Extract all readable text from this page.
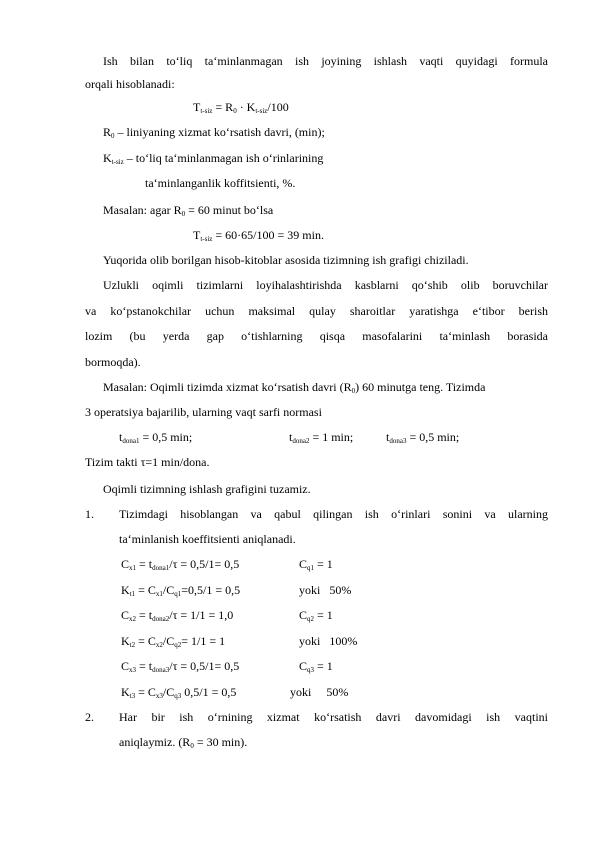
Ish bilan to‘liq ta‘minlanmagan ish joyining ishlash vaqti quyidagi formula
orqali hisoblanadi:
$T_{t-siz} = R_0 \cdot K_{t-siz}/100$
$R_0$ – liniyaning xizmat ko‘rsatish davri, (min);
$K_{t-siz}$ – to‘liq ta‘minlanmagan ish o‘rinlarining
ta‘minlanganlik koffitsienti, %.
Masalan: agar $R_0 = 60$ minut bo‘lsa
$T_{t-siz} = 60\cdot 65/100 = 39$ min.
Yuqorida olib borilgan hisob-kitoblar asosida tizimning ish grafigi chiziladi.
Uzlukli oqimli tizimlarni loyihalashtirishda kasblarni qo‘shib olib boruvchilar
va ko‘pstanokchilar uchun maksimal qulay sharoitlar yaratishga e‘tibor berish
lozim (bu yerda gap o‘tishlarning qisqa masofalarini ta‘minlash borasida
bormoqda).
Masalan: Oqimli tizimda xizmat ko‘rsatish davri $(R_0)$ 60 minutga teng. Tizimda
3 operatsiya bajarilib, ularning vaqt sarfi normasi
$t_{dona1} = 0,5$ min;	$t_{dona2} = 1$ min;	$t_{dona3} = 0,5$ min;
Tizim takti τ=1 min/dona.
Oqimli tizimning ishlash grafigini tuzamiz.
1. Tizimdagi hisoblangan va qabul qilingan ish o‘rinlari sonini va ularning
ta‘minlanish koeffitsienti aniqlanadi.
$C_{x1} = t_{dona1}/\tau = 0,5/1= 0,5$	$C_{q1} = 1$
$K_{t1} = C_{x1}/C_{q1}=0,5/1 = 0,5$	yoki   50%
$C_{x2} = t_{dona2}/\tau = 1/1 = 1,0$	$C_{q2} = 1$
$K_{t2} = C_{x2}/C_{q2}= 1/1 = 1$	yoki   100%
$C_{x3} = t_{dona3}/\tau = 0,5/1= 0,5$	$C_{q3} = 1$
$K_{t3} = C_{x3}/C_{q3}$ 0,5/1 = 0,5	yoki     50%
2. Har bir ish o‘rnining xizmat ko‘rsatish davri davomidagi ish vaqtini
aniqlaymiz. ($R_0 = 30$ min).
